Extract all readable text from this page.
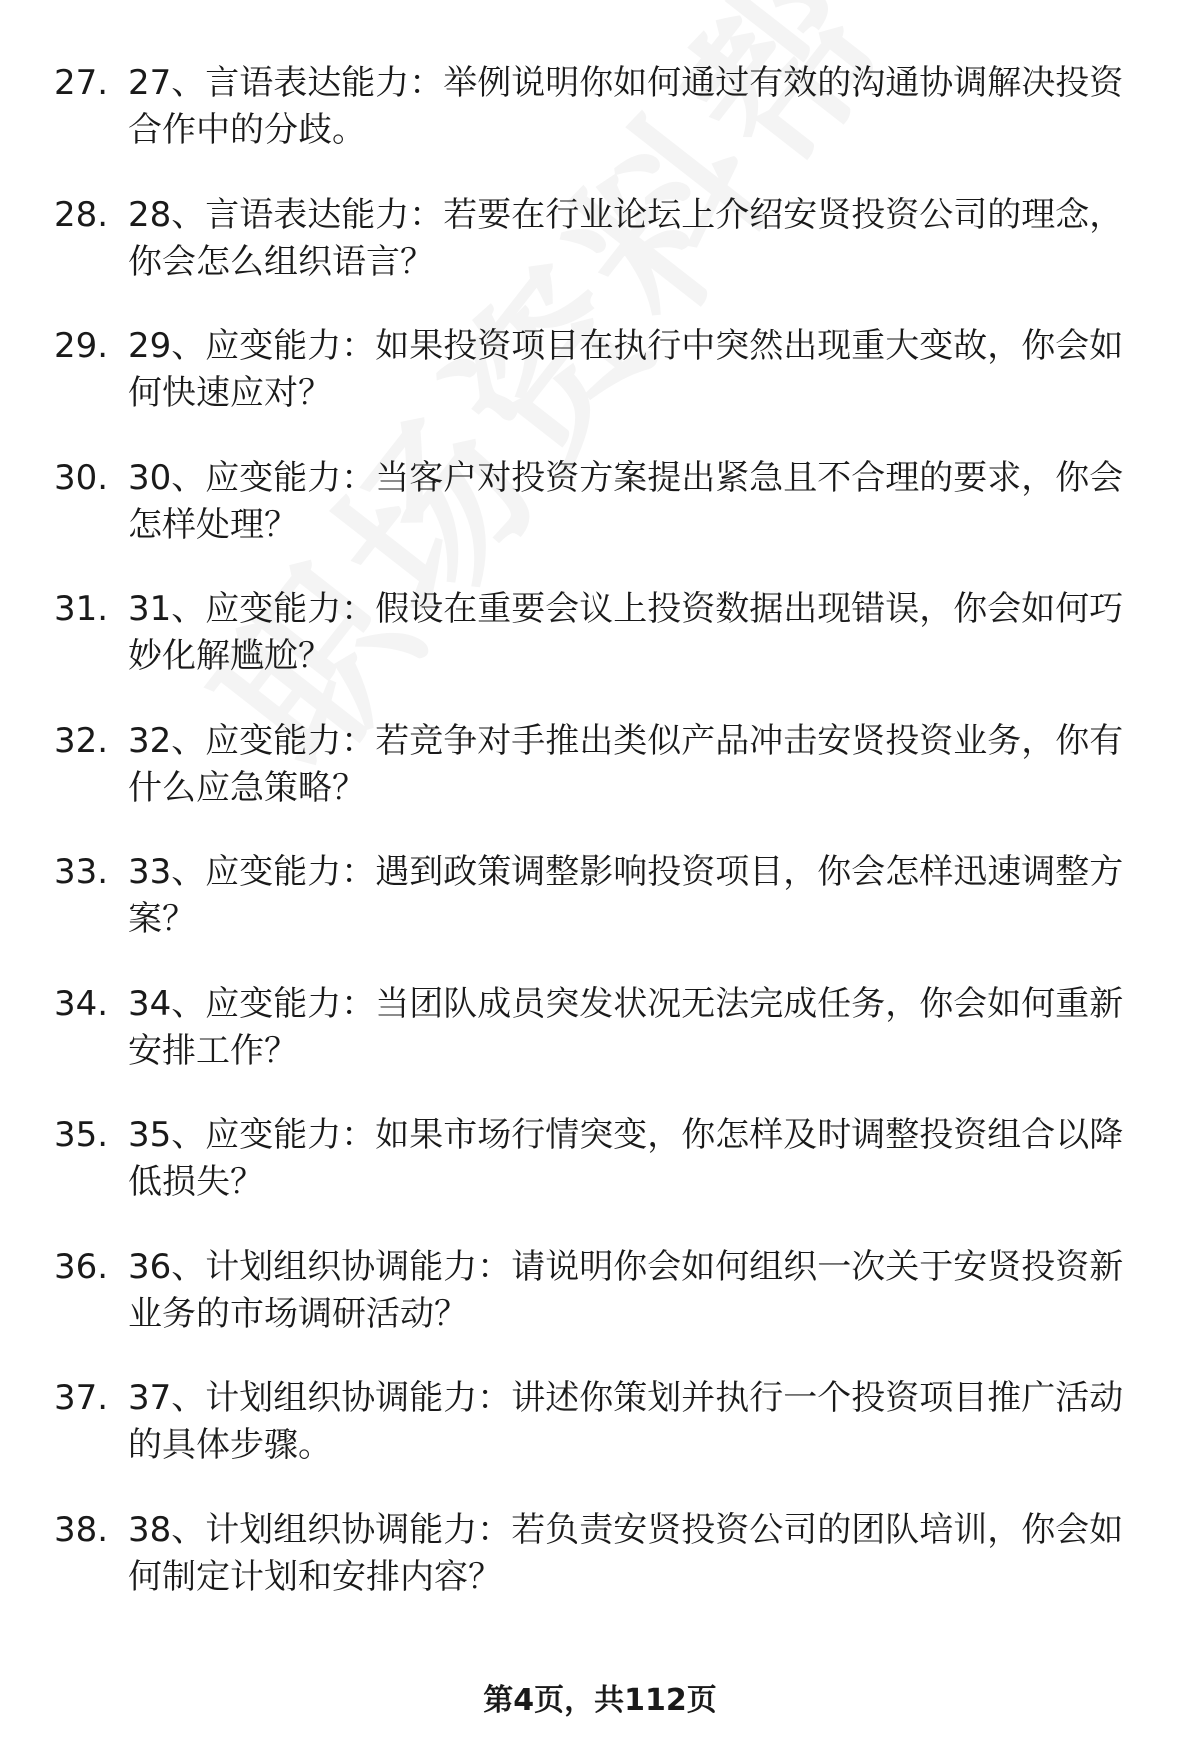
27. 27、言语表达能力：举例说明你如何通过有效的沟通协调解决投资合作中的分歧。
28. 28、言语表达能力：若要在行业论坛上介绍安贤投资公司的理念，你会怎么组织语言？
29. 29、应变能力：如果投资项目在执行中突然出现重大变故，你会如何快速应对？
30. 30、应变能力：当客户对投资方案提出紧急且不合理的要求，你会怎样处理？
31. 31、应变能力：假设在重要会议上投资数据出现错误，你会如何巧妙化解尴尬？
32. 32、应变能力：若竞争对手推出类似产品冲击安贤投资业务，你有什么应急策略？
33. 33、应变能力：遇到政策调整影响投资项目，你会怎样迅速调整方案？
34. 34、应变能力：当团队成员突发状况无法完成任务，你会如何重新安排工作？
35. 35、应变能力：如果市场行情突变，你怎样及时调整投资组合以降低损失？
36. 36、计划组织协调能力：请说明你会如何组织一次关于安贤投资新业务的市场调研活动？
37. 37、计划组织协调能力：讲述你策划并执行一个投资项目推广活动的具体步骤。
38. 38、计划组织协调能力：若负责安贤投资公司的团队培训，你会如何制定计划和安排内容？
第4页，共112页
